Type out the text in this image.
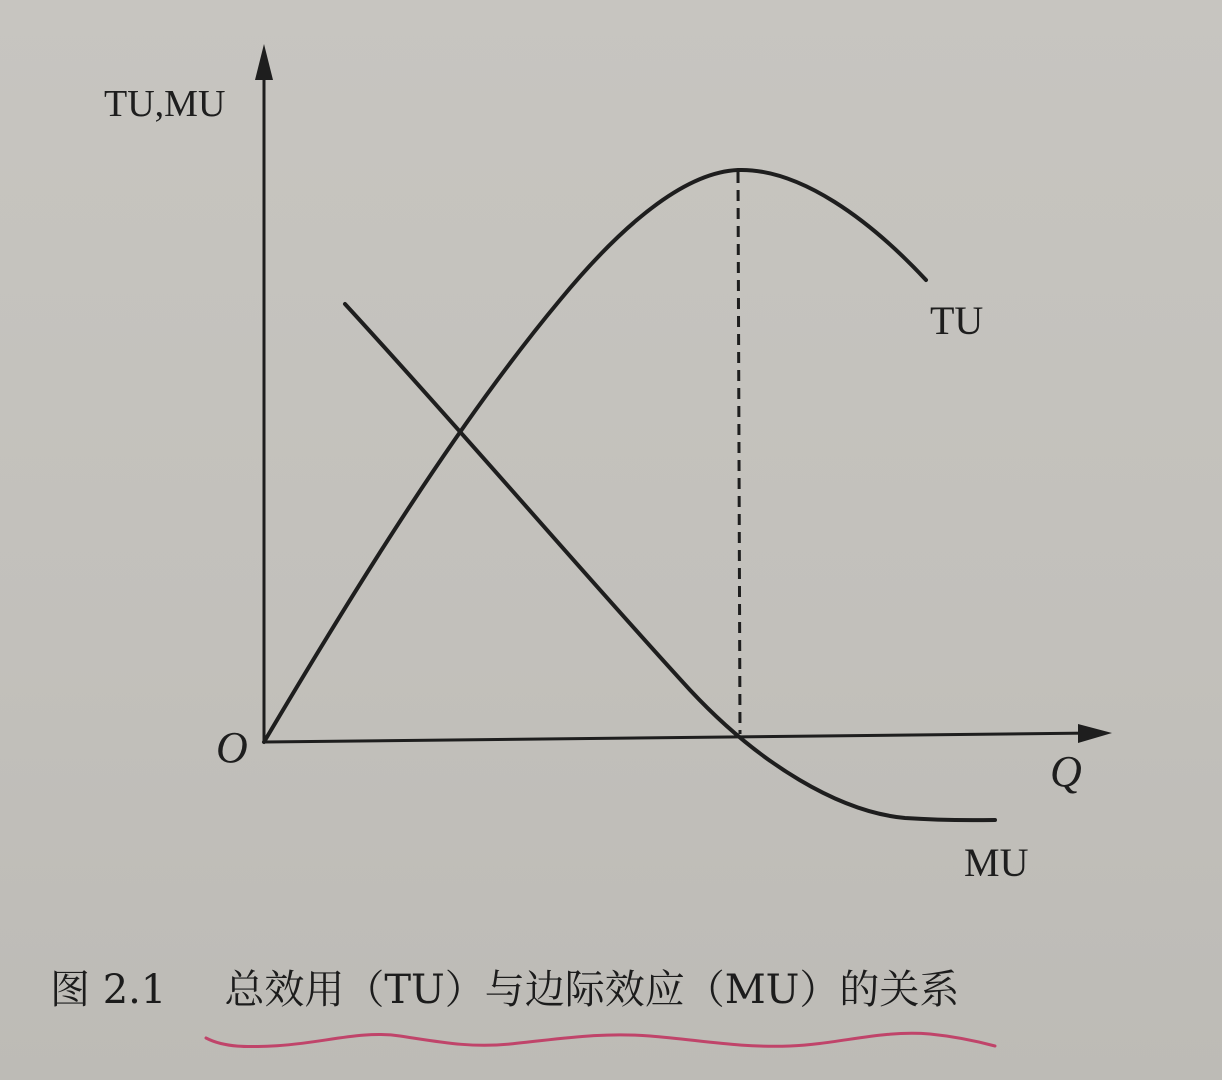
TU,MU
O	Q
TU
MU
图 2.1 总效用（TU）与边际效应（MU）的关系
